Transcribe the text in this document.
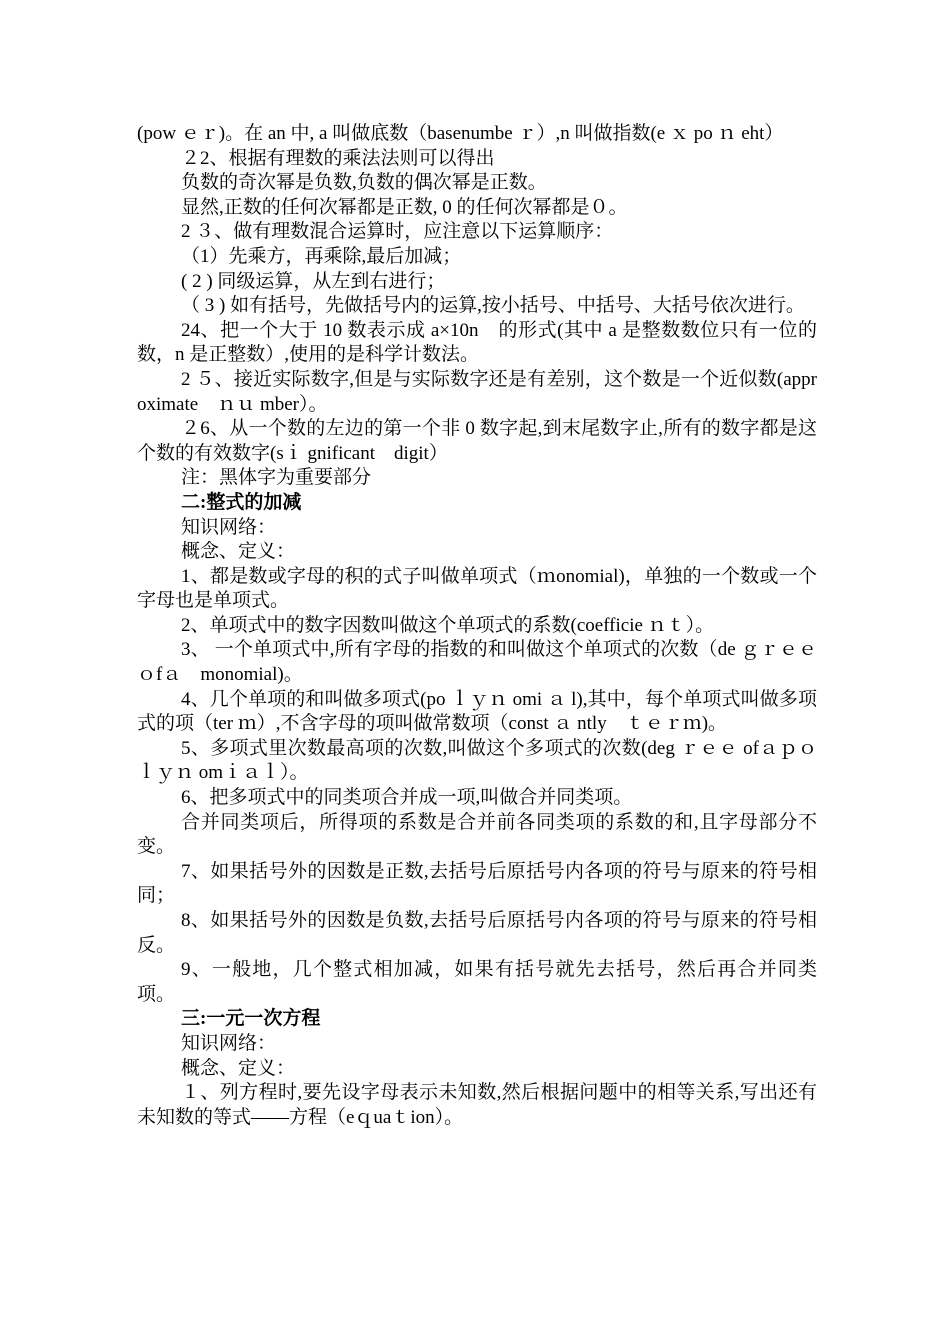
(pow ｅｒ)。在 an 中, a 叫做底数（basenumbe ｒ）,n 叫做指数(e ｘ po ｎ eht）

２2、根据有理数的乘法法则可以得出

负数的奇次幂是负数,负数的偶次幂是正数。

显然,正数的任何次幂都是正数, 0 的任何次幂都是０。

2 ３、做有理数混合运算时，应注意以下运算顺序：

（1）先乘方，再乘除,最后加减；

( 2 ) 同级运算，从左到右进行；

（ 3 ) 如有括号，先做括号内的运算,按小括号、中括号、大括号依次进行。

24、把一个大于 10 数表示成 a×10n　的形式(其中 a 是整数数位只有一位的数，n 是正整数）,使用的是科学计数法。

2 ５、接近实际数字,但是与实际数字还是有差别，这个数是一个近似数(approximate　ｎｕ mber）。

２6、从一个数的左边的第一个非 0 数字起,到末尾数字止,所有的数字都是这个数的有效数字(sｉ gnificant　digit）

注：黑体字为重要部分

二:整式的加减

知识网络：

概念、定义：

1、都是数或字母的积的式子叫做单项式（ｍonomial)，单独的一个数或一个字母也是单项式。

2、单项式中的数字因数叫做这个单项式的系数(coefficie ｎｔ）。

3、 一个单项式中,所有字母的指数的和叫做这个单项式的次数（de ｇｒｅｅ ｏfａ　monomial)。

4、几个单项的和叫做多项式(po ｌｙｎ omi ａ l),其中，每个单项式叫做多项式的项（ter ｍ）,不含字母的项叫做常数项（const ａ ntly　ｔｅｒｍ)。

5、多项式里次数最高项的次数,叫做这个多项式的次数(deg ｒｅｅ ofａｐｏｌｙｎ omｉａｌ）。

6、把多项式中的同类项合并成一项,叫做合并同类项。

合并同类项后，所得项的系数是合并前各同类项的系数的和,且字母部分不变。

7、如果括号外的因数是正数,去括号后原括号内各项的符号与原来的符号相同；

8、如果括号外的因数是负数,去括号后原括号内各项的符号与原来的符号相反。

9、一般地，几个整式相加减，如果有括号就先去括号，然后再合并同类项。

三:一元一次方程

知识网络：

概念、定义：

１、列方程时,要先设字母表示未知数,然后根据问题中的相等关系,写出还有未知数的等式——方程（eｑuaｔion）。
